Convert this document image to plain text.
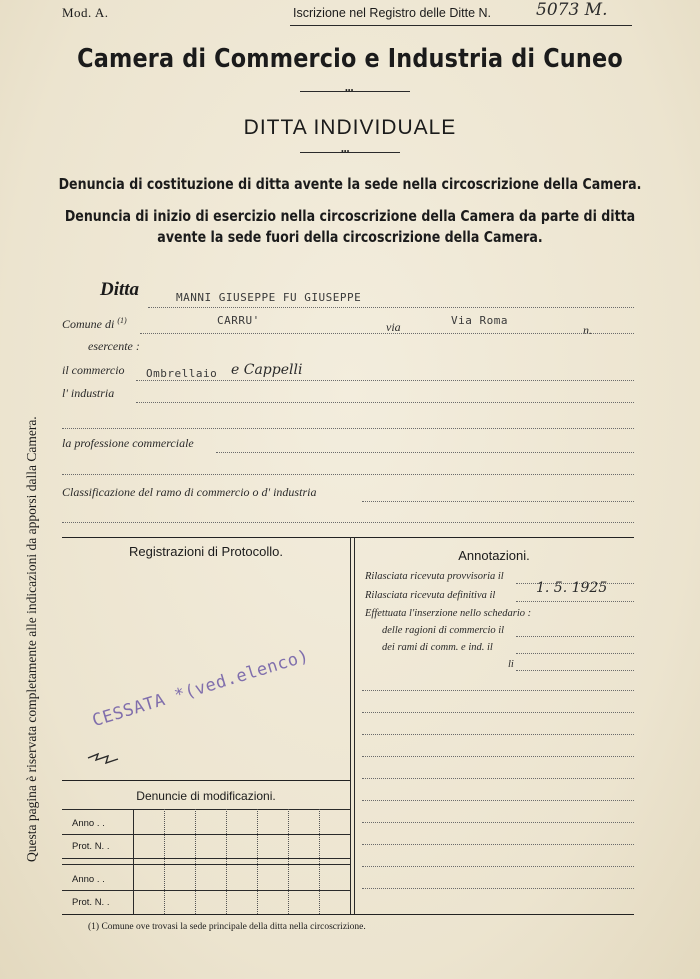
Mod. A.	Iscrizione nel Registro delle Ditte N.	5073 M.
Camera di Commercio e Industria di Cuneo
•••
DITTA INDIVIDUALE
•••
Denuncia di costituzione di ditta avente la sede nella circoscrizione della Camera.
Denuncia di inizio di esercizio nella circoscrizione della Camera da parte di ditta
avente la sede fuori della circoscrizione della Camera.
Questa pagina è riservata completamente alle indicazioni da apporsi dalla Camera.
Ditta	MANNI GIUSEPPE FU GIUSEPPE
Comune di $^{(1)}$	CARRU'	via	Via Roma
n.
esercente :
il commercio Ombrellaio e Cappelli
l' industria
la professione commerciale
Classificazione del ramo di commercio o d' industria
Registrazioni di Protocollo.
CESSATA *(ved.elenco)
Denuncie di modificazioni.
Anno . .
Prot. N. .
Anno . .
Prot. N. .
Annotazioni.
Rilasciata ricevuta provvisoria il
Rilasciata ricevuta definitiva il	1. 5. 1925
Effettuata l'inserzione nello schedario :
delle ragioni di commercio il
dei rami di comm. e ind. il
li
(1) Comune ove trovasi la sede principale della ditta nella circoscrizione.
